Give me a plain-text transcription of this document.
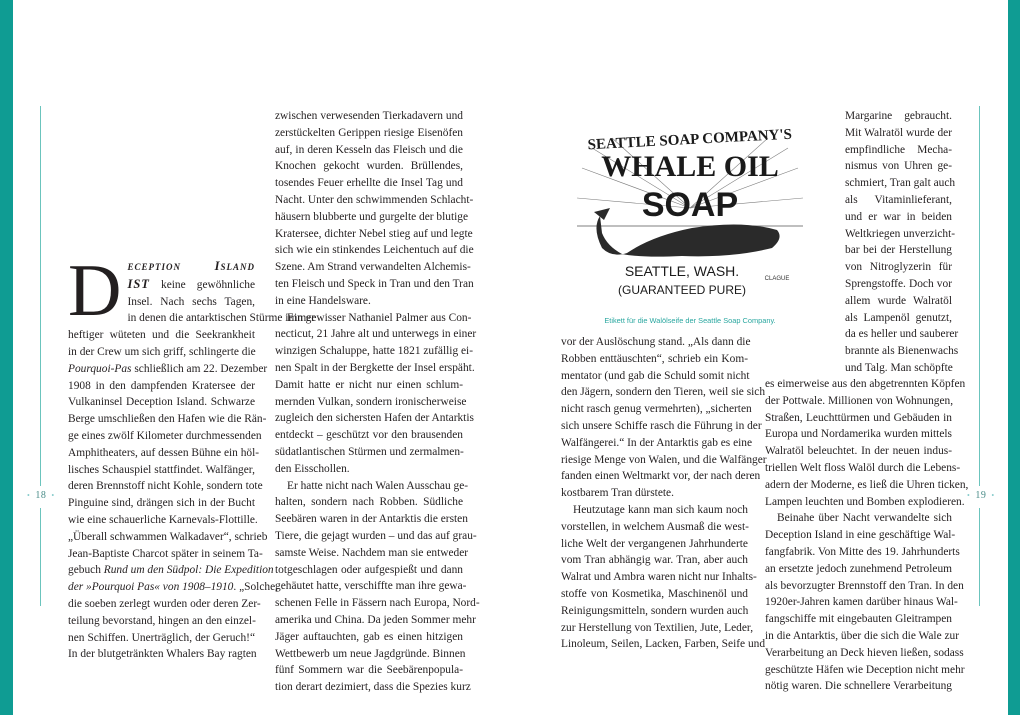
• 18 •	• 19 •
D eception Island
IST keine gewöhnliche
Insel. Nach sechs Tagen,
in denen die antarktischen Stürme immer
heftiger wüteten und die Seekrankheit
in der Crew um sich griff, schlingerte die
Pourquoi-Pas schließlich am 22. Dezember
1908 in den dampfenden Kratersee der
Vulkaninsel Deception Island. Schwarze
Berge umschließen den Hafen wie die Rän-
ge eines zwölf Kilometer durchmessenden
Amphitheaters, auf dessen Bühne ein höl-
lisches Schauspiel stattfindet. Walfänger,
deren Brennstoff nicht Kohle, sondern tote
Pinguine sind, drängen sich in der Bucht
wie eine schauerliche Karnevals-Flottille.
„Überall schwammen Walkadaver“, schrieb
Jean-Baptiste Charcot später in seinem Ta-
gebuch Rund um den Südpol: Die Expedition
der »Pourquoi Pas« von 1908–1910. „Solche,
die soeben zerlegt wurden oder deren Zer-
teilung bevorstand, hingen an den einzel-
nen Schiffen. Unerträglich, der Geruch!“
In der blutgetränkten Whalers Bay ragten
zwischen verwesenden Tierkadavern und
zerstückelten Gerippen riesige Eisenöfen
auf, in deren Kesseln das Fleisch und die
Knochen gekocht wurden. Brüllendes,
tosendes Feuer erhellte die Insel Tag und
Nacht. Unter den schwimmenden Schlacht-
häusern blubberte und gurgelte der blutige
Kratersee, dichter Nebel stieg auf und legte
sich wie ein stinkendes Leichentuch auf die
Szene. Am Strand verwandelten Alchemis-
ten Fleisch und Speck in Tran und den Tran
in eine Handelsware.
Ein gewisser Nathaniel Palmer aus Con-
necticut, 21 Jahre alt und unterwegs in einer
winzigen Schaluppe, hatte 1821 zufällig ei-
nen Spalt in der Bergkette der Insel erspäht.
Damit hatte er nicht nur einen schlum-
mernden Vulkan, sondern ironischerweise
zugleich den sichersten Hafen der Antarktis
entdeckt – geschützt vor den brausenden
südatlantischen Stürmen und zermalmen-
den Eisschollen.
Er hatte nicht nach Walen Ausschau ge-
halten, sondern nach Robben. Südliche
Seebären waren in der Antarktis die ersten
Tiere, die gejagt wurden – und das auf grau-
samste Weise. Nachdem man sie entweder
totgeschlagen oder aufgespießt und dann
gehäutet hatte, verschiffte man ihre gewa-
schenen Felle in Fässern nach Europa, Nord-
amerika und China. Da jeden Sommer mehr
Jäger auftauchten, gab es einen hitzigen
Wettbewerb um neue Jagdgründe. Binnen
fünf Sommern war die Seebärenpopula-
tion derart dezimiert, dass die Spezies kurz
SEATTLE SOAP COMPANY'S
WHALE OIL
SOAP
SEATTLE, WASH.
(GUARANTEED PURE)
CLAGUE
Etikett für die Walölseife der Seattle Soap Company.
vor der Auslöschung stand. „Als dann die
Robben enttäuschten“, schrieb ein Kom-
mentator (und gab die Schuld somit nicht
den Jägern, sondern den Tieren, weil sie sich
nicht rasch genug vermehrten), „sicherten
sich unsere Schiffe rasch die Führung in der
Walfängerei.“ In der Antarktis gab es eine
riesige Menge von Walen, und die Walfänger
fanden einen Weltmarkt vor, der nach deren
kostbarem Tran dürstete.
Heutzutage kann man sich kaum noch
vorstellen, in welchem Ausmaß die west-
liche Welt der vergangenen Jahrhunderte
vom Tran abhängig war. Tran, aber auch
Walrat und Ambra waren nicht nur Inhalts-
stoffe von Kosmetika, Maschinenöl und
Reinigungsmitteln, sondern wurden auch
zur Herstellung von Textilien, Jute, Leder,
Linoleum, Seilen, Lacken, Farben, Seife und
Margarine gebraucht.
Mit Walratöl wurde der
empfindliche Mecha-
nismus von Uhren ge-
schmiert, Tran galt auch
als Vitaminlieferant,
und er war in beiden
Weltkriegen unverzicht-
bar bei der Herstellung
von Nitroglyzerin für
Sprengstoffe. Doch vor
allem wurde Walratöl
als Lampenöl genutzt,
da es heller und sauberer
brannte als Bienenwachs
und Talg. Man schöpfte
es eimerweise aus den abgetrennten Köpfen
der Pottwale. Millionen von Wohnungen,
Straßen, Leuchttürmen und Gebäuden in
Europa und Nordamerika wurden mittels
Walratöl beleuchtet. In der neuen indus-
triellen Welt floss Walöl durch die Lebens-
adern der Moderne, es ließ die Uhren ticken,
Lampen leuchten und Bomben explodieren.
Beinahe über Nacht verwandelte sich
Deception Island in eine geschäftige Wal-
fangfabrik. Von Mitte des 19. Jahrhunderts
an ersetzte jedoch zunehmend Petroleum
als bevorzugter Brennstoff den Tran. In den
1920er-Jahren kamen darüber hinaus Wal-
fangschiffe mit eingebauten Gleitrampen
in die Antarktis, über die sich die Wale zur
Verarbeitung an Deck hieven ließen, sodass
geschützte Häfen wie Deception nicht mehr
nötig waren. Die schnellere Verarbeitung
